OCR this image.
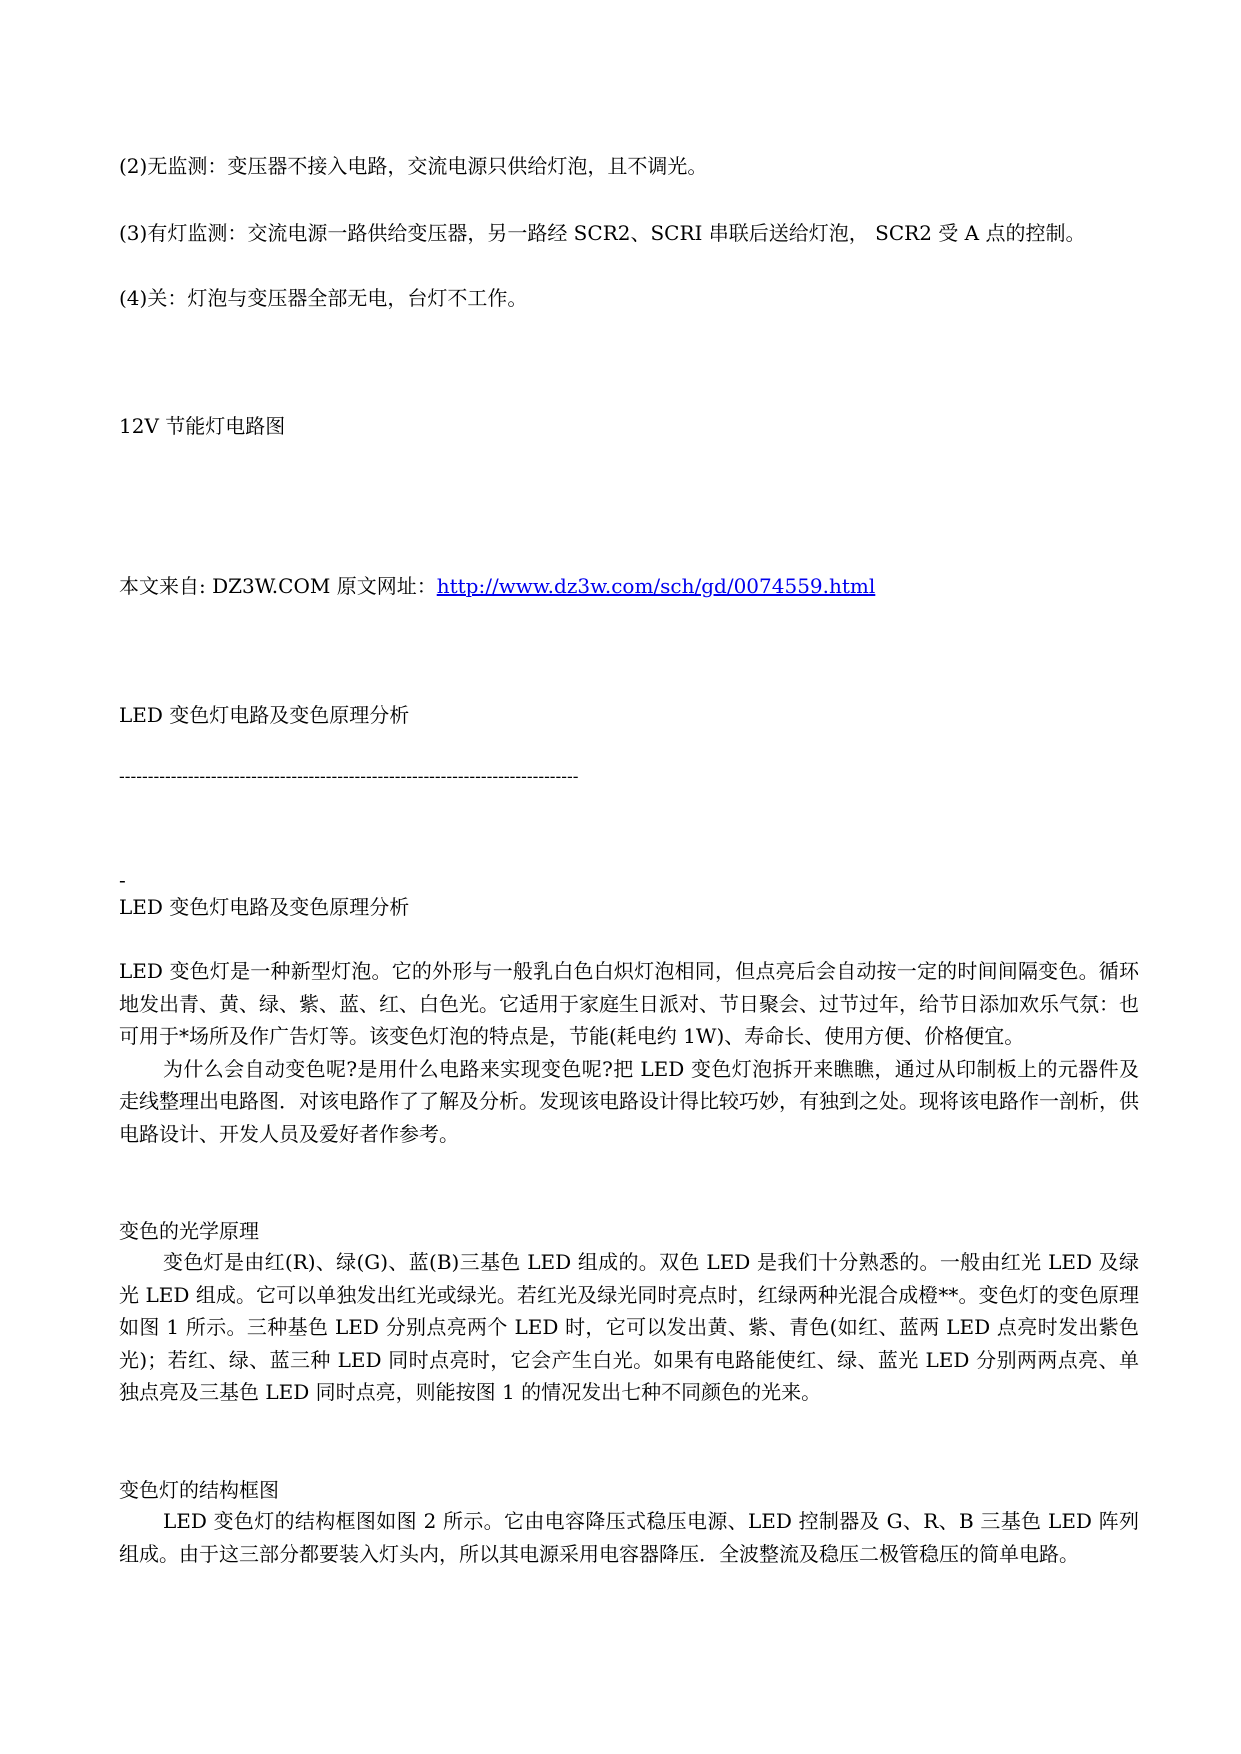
(2)无监测：变压器不接入电路，交流电源只供给灯泡，且不调光。
(3)有灯监测：交流电源一路供给变压器，另一路经 SCR2、SCRI 串联后送给灯泡， SCR2 受 A 点的控制。
(4)关：灯泡与变压器全部无电，台灯不工作。
12V 节能灯电路图
本文来自: DZ3W.COM 原文网址：http://www.dz3w.com/sch/gd/0074559.html
LED 变色灯电路及变色原理分析
--------------------------------------------------------------------------------
-
LED 变色灯电路及变色原理分析

LED 变色灯是一种新型灯泡。它的外形与一般乳白色白炽灯泡相同，但点亮后会自动按一定的时间间隔变色。循环地发出青、黄、绿、紫、蓝、红、白色光。它适用于家庭生日派对、节日聚会、过节过年，给节日添加欢乐气氛：也可用于*场所及作广告灯等。该变色灯泡的特点是，节能(耗电约 1W)、寿命长、使用方便、价格便宜。

为什么会自动变色呢?是用什么电路来实现变色呢?把 LED 变色灯泡拆开来瞧瞧，通过从印制板上的元器件及走线整理出电路图．对该电路作了了解及分析。发现该电路设计得比较巧妙，有独到之处。现将该电路作一剖析，供电路设计、开发人员及爱好者作参考。

变色的光学原理

变色灯是由红(R)、绿(G)、蓝(B)三基色 LED 组成的。双色 LED 是我们十分熟悉的。一般由红光 LED 及绿光 LED 组成。它可以单独发出红光或绿光。若红光及绿光同时亮点时，红绿两种光混合成橙**。变色灯的变色原理如图 1 所示。三种基色 LED 分别点亮两个 LED 时，它可以发出黄、紫、青色(如红、蓝两 LED 点亮时发出紫色光)；若红、绿、蓝三种 LED 同时点亮时，它会产生白光。如果有电路能使红、绿、蓝光 LED 分别两两点亮、单独点亮及三基色 LED 同时点亮，则能按图 1 的情况发出七种不同颜色的光来。

变色灯的结构框图

LED 变色灯的结构框图如图 2 所示。它由电容降压式稳压电源、LED 控制器及 G、R、B 三基色 LED 阵列组成。由于这三部分都要装入灯头内，所以其电源采用电容器降压．全波整流及稳压二极管稳压的简单电路。
